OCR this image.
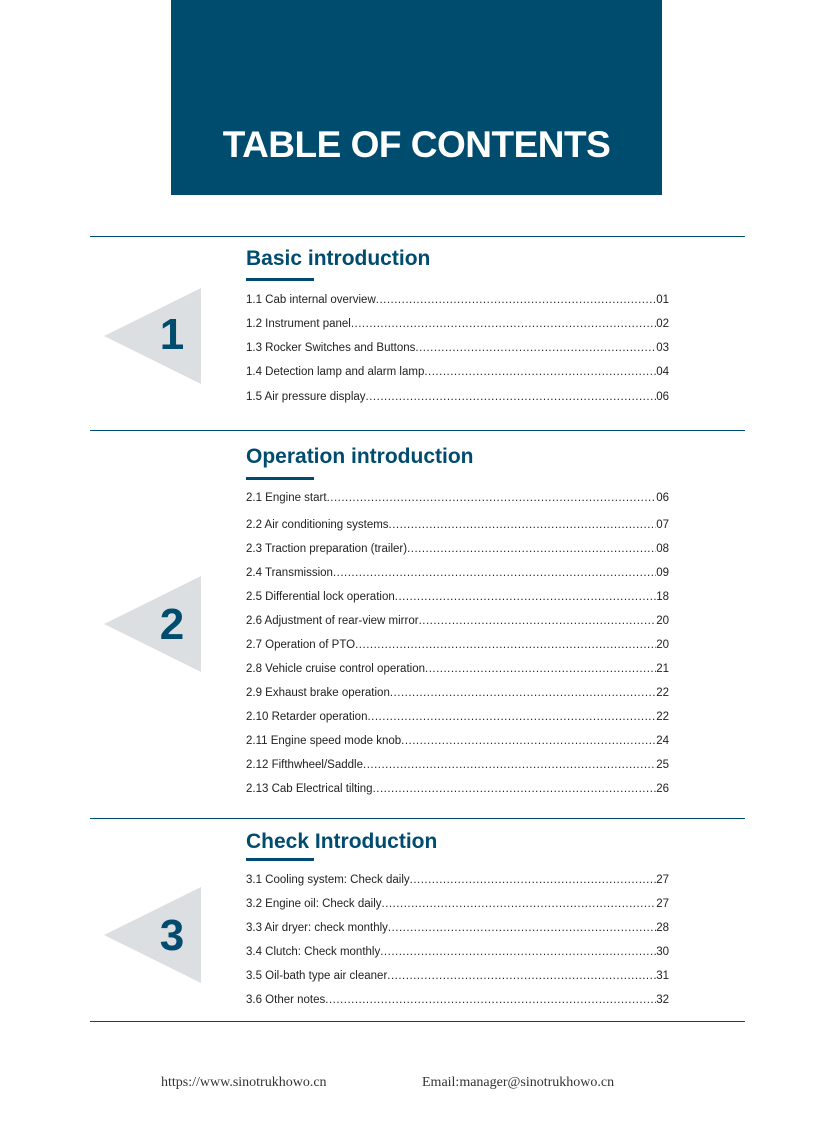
TABLE OF CONTENTS
Basic introduction
1
1.1 Cab internal overview .....	01
1.2 Instrument panel .....	02
1.3 Rocker Switches and Buttons .....	03
1.4 Detection lamp and alarm lamp .....	04
1.5 Air pressure display .....	06
Operation introduction
2
2.1 Engine start .....	06
2.2 Air conditioning systems .....	07
2.3 Traction preparation (trailer) .....	08
2.4 Transmission .....	09
2.5 Differential lock operation .....	18
2.6 Adjustment of rear-view mirror .....	20
2.7 Operation of PTO .....	20
2.8 Vehicle cruise control operation .....	21
2.9 Exhaust brake operation .....	22
2.10 Retarder operation .....	22
2.11 Engine speed mode knob .....	24
2.12 Fifthwheel/Saddle .....	25
2.13 Cab Electrical tilting .....	26
Check Introduction
3
3.1 Cooling system: Check daily .....	27
3.2 Engine oil: Check daily .....	27
3.3 Air dryer: check monthly .....	28
3.4 Clutch: Check monthly .....	30
3.5 Oil-bath type air cleaner .....	31
3.6 Other notes .....	32
https://www.sinotrukhowo.cn	Email:manager@sinotrukhowo.cn
